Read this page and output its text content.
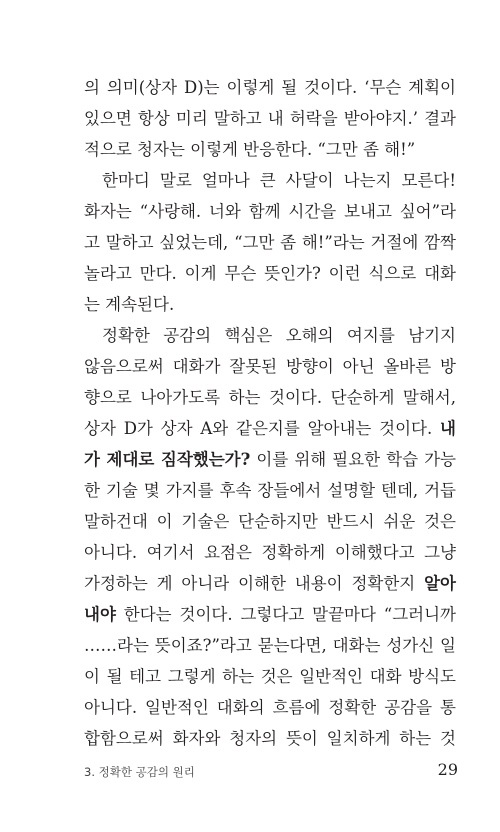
의 의미(상자 D)는 이렇게 될 것이다. ‘무슨 계획이
있으면 항상 미리 말하고 내 허락을 받아야지.’ 결과
적으로 청자는 이렇게 반응한다. “그만 좀 해!”
한마디 말로 얼마나 큰 사달이 나는지 모른다!
화자는 “사랑해. 너와 함께 시간을 보내고 싶어”라
고 말하고 싶었는데, “그만 좀 해!”라는 거절에 깜짝
놀라고 만다. 이게 무슨 뜻인가? 이런 식으로 대화
는 계속된다.
정확한 공감의 핵심은 오해의 여지를 남기지
않음으로써 대화가 잘못된 방향이 아닌 올바른 방
향으로 나아가도록 하는 것이다. 단순하게 말해서,
상자 D가 상자 A와 같은지를 알아내는 것이다. 내
가 제대로 짐작했는가? 이를 위해 필요한 학습 가능
한 기술 몇 가지를 후속 장들에서 설명할 텐데, 거듭
말하건대 이 기술은 단순하지만 반드시 쉬운 것은
아니다. 여기서 요점은 정확하게 이해했다고 그냥
가정하는 게 아니라 이해한 내용이 정확한지 알아
내야 한다는 것이다. 그렇다고 말끝마다 “그러니까
……라는 뜻이죠?”라고 묻는다면, 대화는 성가신 일
이 될 테고 그렇게 하는 것은 일반적인 대화 방식도
아니다. 일반적인 대화의 흐름에 정확한 공감을 통
합함으로써 화자와 청자의 뜻이 일치하게 하는 것
3. 정확한 공감의 원리	29
